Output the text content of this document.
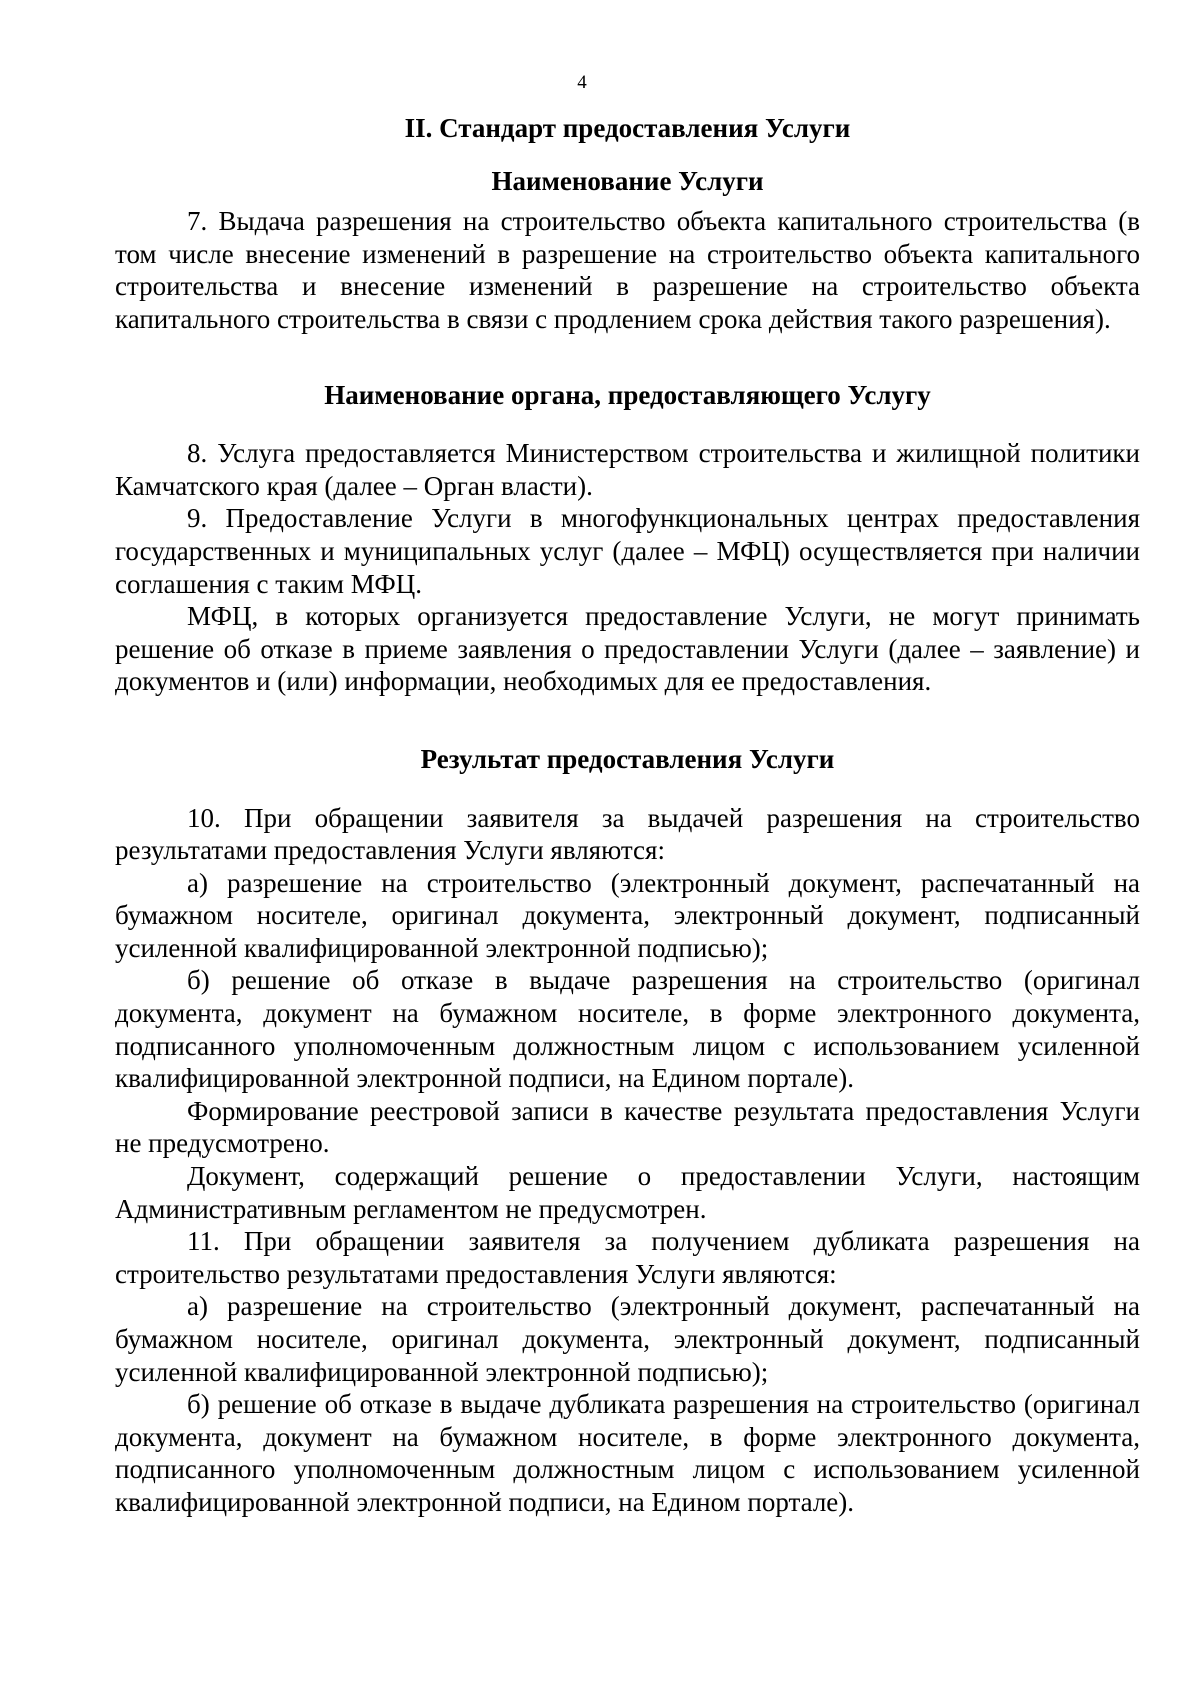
4

II. Стандарт предоставления Услуги

Наименование Услуги

7. Выдача разрешения на строительство объекта капитального строительства (в том числе внесение изменений в разрешение на строительство объекта капитального строительства и внесение изменений в разрешение на строительство объекта капитального строительства в связи с продлением срока действия такого разрешения).

Наименование органа, предоставляющего Услугу

8. Услуга предоставляется Министерством строительства и жилищной политики Камчатского края (далее – Орган власти).

9. Предоставление Услуги в многофункциональных центрах предоставления государственных и муниципальных услуг (далее – МФЦ) осуществляется при наличии соглашения с таким МФЦ.

МФЦ, в которых организуется предоставление Услуги, не могут принимать решение об отказе в приеме заявления о предоставлении Услуги (далее – заявление) и документов и (или) информации, необходимых для ее предоставления.

Результат предоставления Услуги

10. При обращении заявителя за выдачей разрешения на строительство результатами предоставления Услуги являются:

а) разрешение на строительство (электронный документ, распечатанный на бумажном носителе, оригинал документа, электронный документ, подписанный усиленной квалифицированной электронной подписью);

б) решение об отказе в выдаче разрешения на строительство (оригинал документа, документ на бумажном носителе, в форме электронного документа, подписанного уполномоченным должностным лицом с использованием усиленной квалифицированной электронной подписи, на Едином портале).

Формирование реестровой записи в качестве результата предоставления Услуги не предусмотрено.

Документ, содержащий решение о предоставлении Услуги, настоящим Административным регламентом не предусмотрен.

11. При обращении заявителя за получением дубликата разрешения на строительство результатами предоставления Услуги являются:

а) разрешение на строительство (электронный документ, распечатанный на бумажном носителе, оригинал документа, электронный документ, подписанный усиленной квалифицированной электронной подписью);

б) решение об отказе в выдаче дубликата разрешения на строительство (оригинал документа, документ на бумажном носителе, в форме электронного документа, подписанного уполномоченным должностным лицом с использованием усиленной квалифицированной электронной подписи, на Едином портале).
